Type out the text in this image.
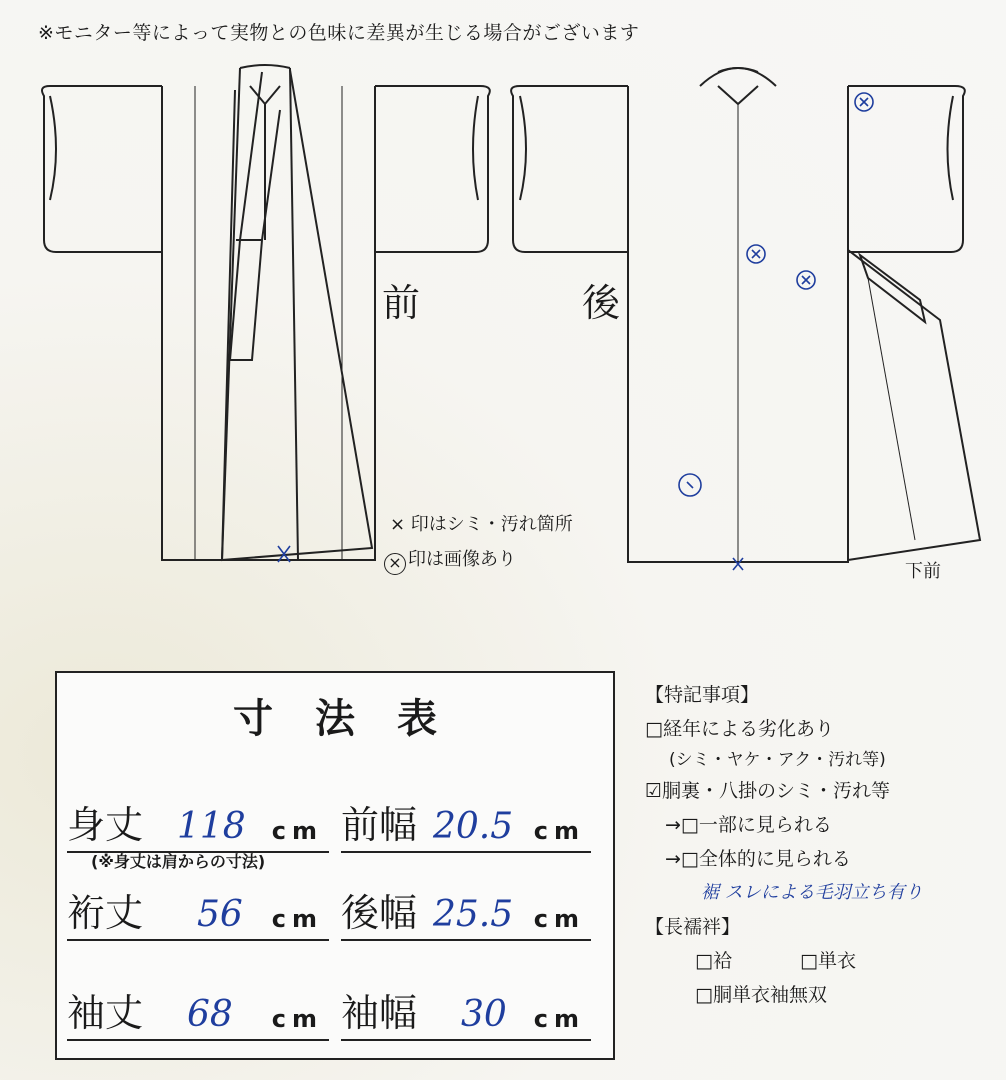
※モニター等によって実物との色味に差異が生じる場合がございます
前	後
× 印はシミ・汚れ箇所
× 印は画像あり
下前
寸法表
身丈 118 cm 前幅 20.5 cm
(※身丈は肩からの寸法)
裄丈 56 cm 後幅 25.5 cm
袖丈 68 cm 袖幅 30 cm
【特記事項】
□経年による劣化あり
(シミ・ヤケ・アク・汚れ等)
☑胴裏・八掛のシミ・汚れ等
→□一部に見られる
→□全体的に見られる
裾 スレによる毛羽立ち有り
【長襦袢】
□袷	□単衣
□胴単衣袖無双
